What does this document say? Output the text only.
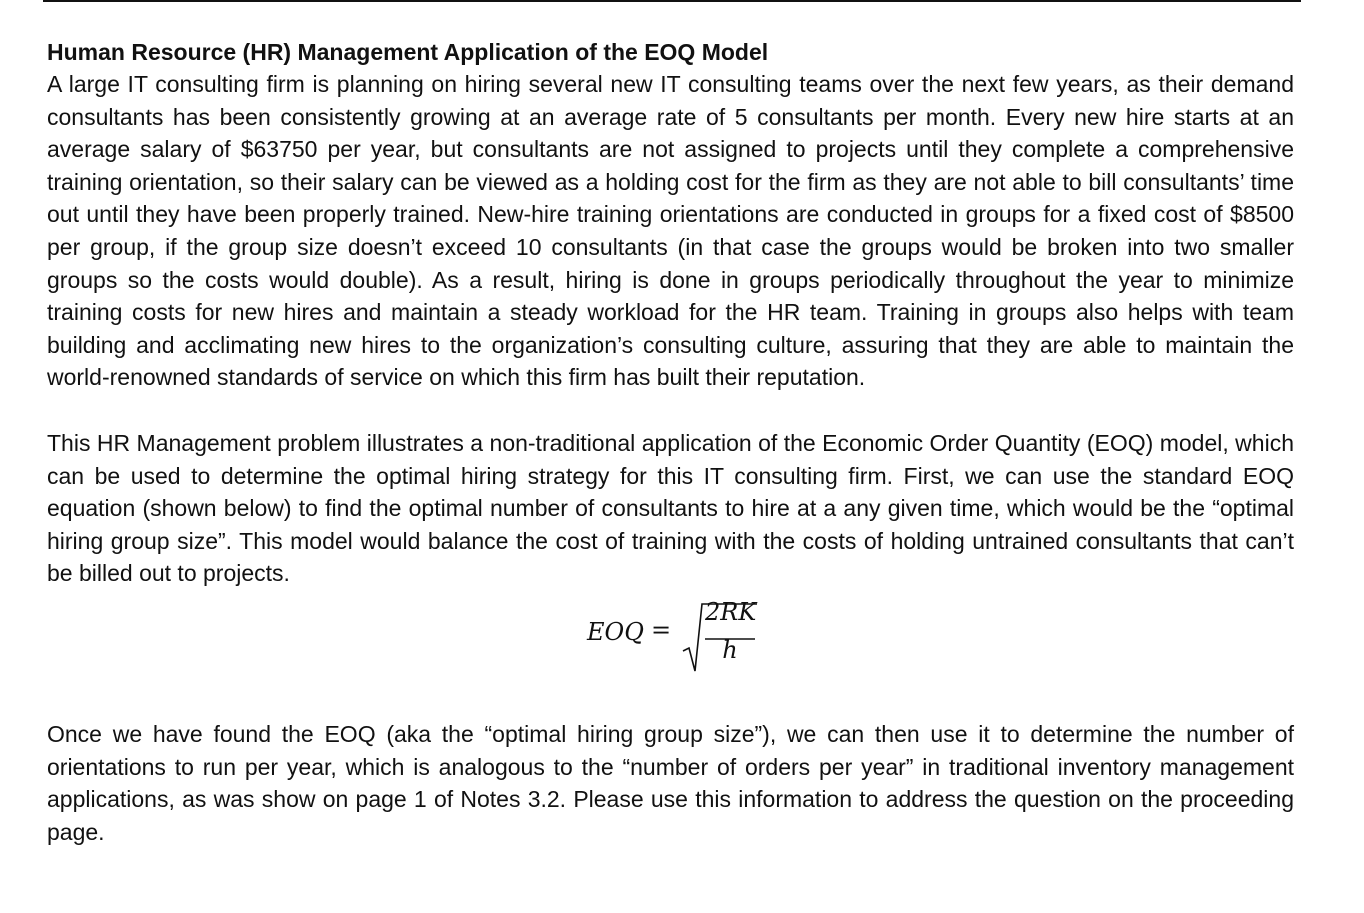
Human Resource (HR) Management Application of the EOQ Model

A large IT consulting firm is planning on hiring several new IT consulting teams over the next few years, as their demand consultants has been consistently growing at an average rate of 5 consultants per month. Every new hire starts at an average salary of $63750 per year, but consultants are not assigned to projects until they complete a comprehensive training orientation, so their salary can be viewed as a holding cost for the firm as they are not able to bill consultants’ time out until they have been properly trained. New-hire training orientations are conducted in groups for a fixed cost of $8500 per group, if the group size doesn’t exceed 10 consultants (in that case the groups would be broken into two smaller groups so the costs would double). As a result, hiring is done in groups periodically throughout the year to minimize training costs for new hires and maintain a steady workload for the HR team. Training in groups also helps with team building and acclimating new hires to the organization’s consulting culture, assuring that they are able to maintain the world-renowned standards of service on which this firm has built their reputation.

This HR Management problem illustrates a non-traditional application of the Economic Order Quantity (EOQ) model, which can be used to determine the optimal hiring strategy for this IT consulting firm. First, we can use the standard EOQ equation (shown below) to find the optimal number of consultants to hire at a any given time, which would be the “optimal hiring group size”. This model would balance the cost of training with the costs of holding untrained consultants that can’t be billed out to projects.

EOQ =
2RK
h

Once we have found the EOQ (aka the “optimal hiring group size”), we can then use it to determine the number of orientations to run per year, which is analogous to the “number of orders per year” in traditional inventory management applications, as was show on page 1 of Notes 3.2. Please use this information to address the question on the proceeding page.
